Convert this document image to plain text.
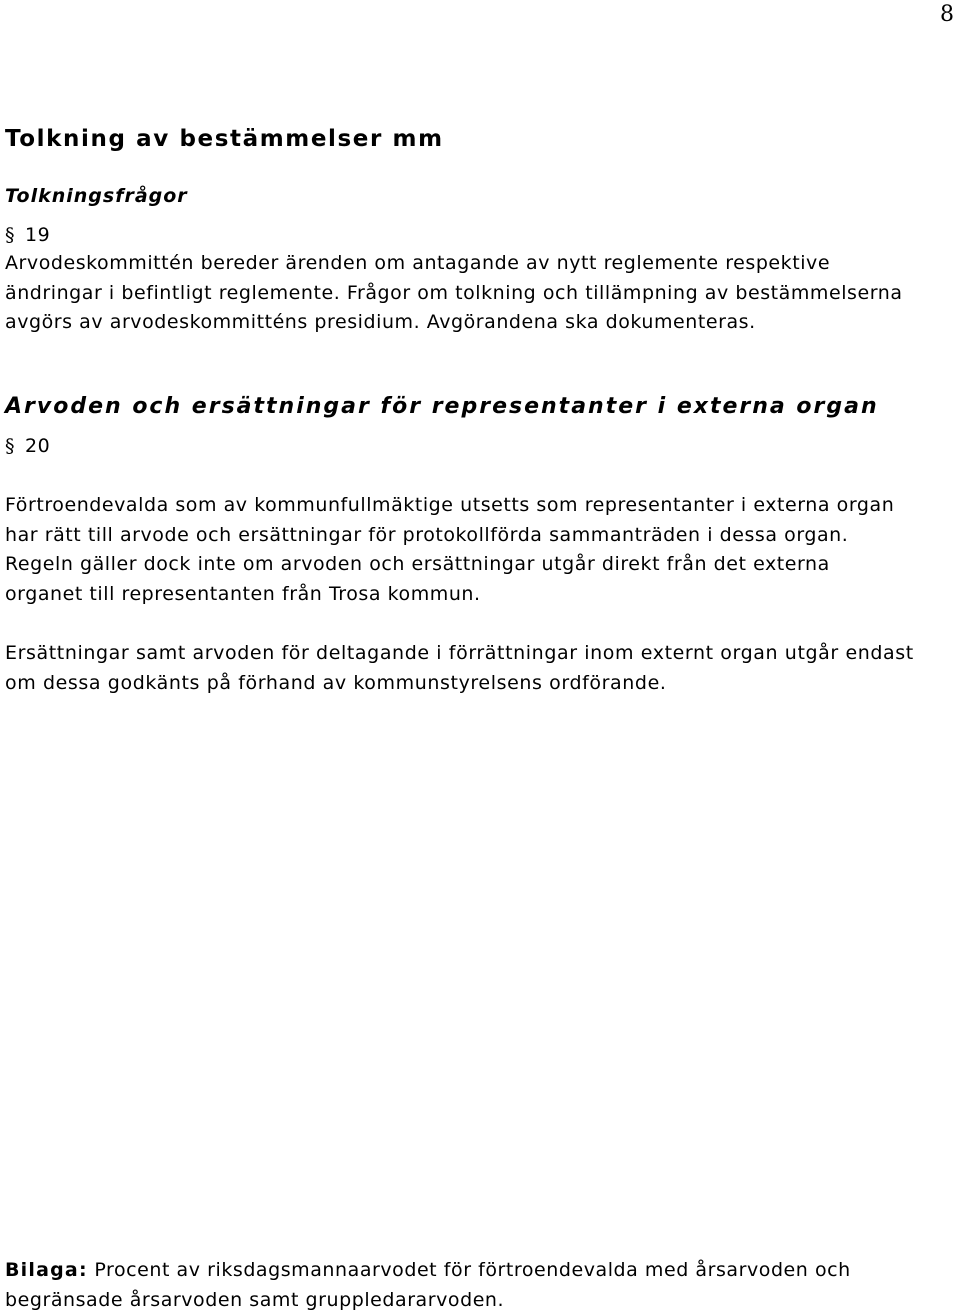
8
Tolkning av bestämmelser mm
Tolkningsfrågor
§ 19
Arvodeskommittén bereder ärenden om antagande av nytt reglemente respektive
ändringar i befintligt reglemente. Frågor om tolkning och tillämpning av bestämmelserna
avgörs av arvodeskommitténs presidium. Avgörandena ska dokumenteras.
Arvoden och ersättningar för representanter i externa organ
§ 20
Förtroendevalda som av kommunfullmäktige utsetts som representanter i externa organ
har rätt till arvode och ersättningar för protokollförda sammanträden i dessa organ.
Regeln gäller dock inte om arvoden och ersättningar utgår direkt från det externa
organet till representanten från Trosa kommun.
Ersättningar samt arvoden för deltagande i förrättningar inom externt organ utgår endast
om dessa godkänts på förhand av kommunstyrelsens ordförande.
Bilaga: Procent av riksdagsmannaarvodet för förtroendevalda med årsarvoden och
begränsade årsarvoden samt gruppledararvoden.
